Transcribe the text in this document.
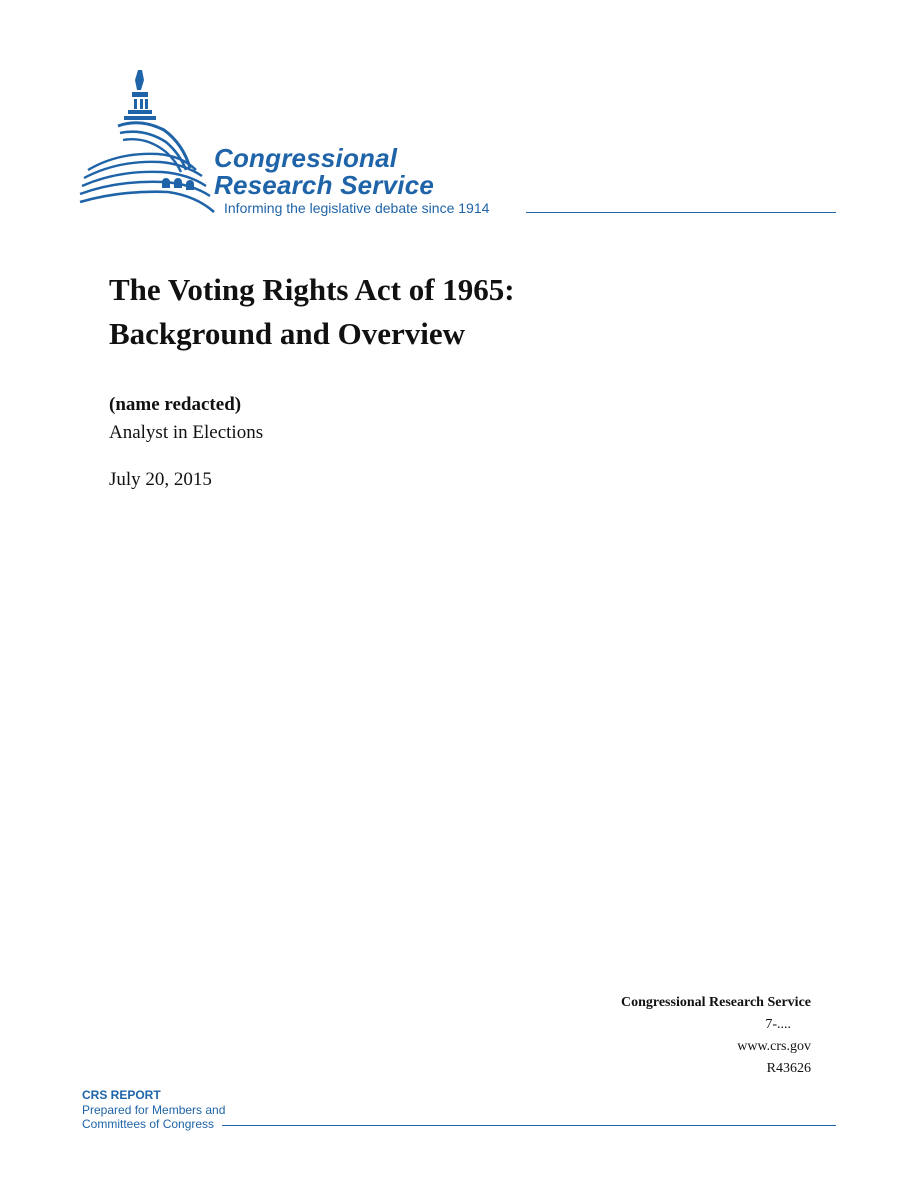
Congressional
Research Service
Informing the legislative debate since 1914
The Voting Rights Act of 1965:
Background and Overview
(name redacted)
Analyst in Elections
July 20, 2015
Congressional Research Service
7-....
www.crs.gov
R43626
CRS REPORT
Prepared for Members and
Committees of Congress
